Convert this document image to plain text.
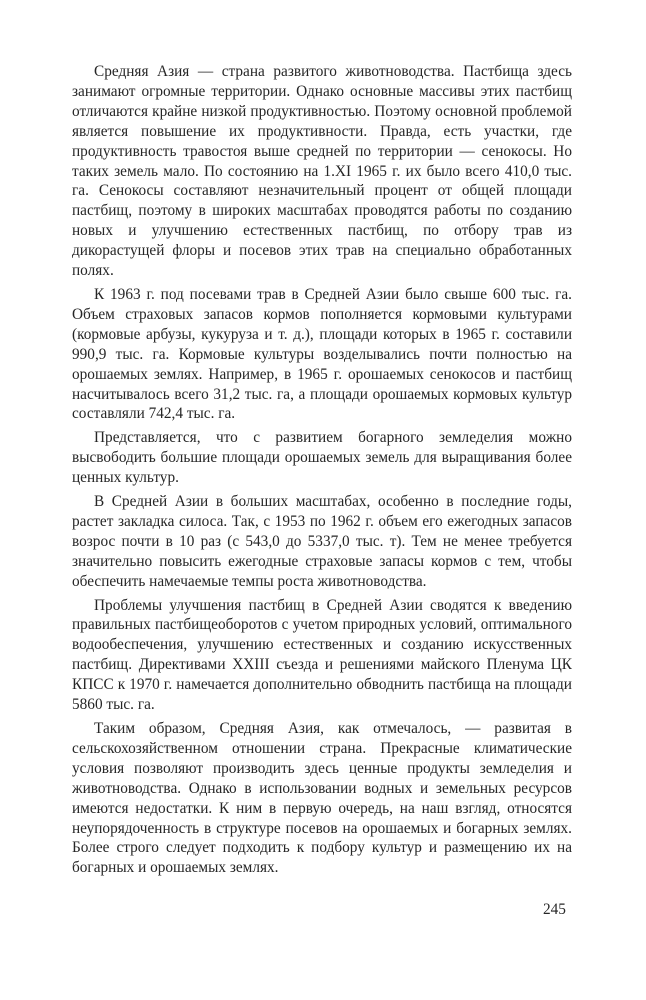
Средняя Азия — страна развитого животноводства. Пастбища здесь занимают огромные территории. Однако основные массивы этих пастбищ отличаются крайне низкой продуктивностью. Поэтому основной проблемой является повышение их продуктивности. Правда, есть участки, где продуктивность травостоя выше средней по территории — сенокосы. Но таких земель мало. По состоянию на 1.XI 1965 г. их было всего 410,0 тыс. га. Сенокосы составляют незначительный процент от общей площади пастбищ, поэтому в широких масштабах проводятся работы по созданию новых и улучшению естественных пастбищ, по отбору трав из дикорастущей флоры и посевов этих трав на специально обработанных полях.

К 1963 г. под посевами трав в Средней Азии было свыше 600 тыс. га. Объем страховых запасов кормов пополняется кормовыми культурами (кормовые арбузы, кукуруза и т. д.), площади которых в 1965 г. составили 990,9 тыс. га. Кормовые культуры возделывались почти полностью на орошаемых землях. Например, в 1965 г. орошаемых сенокосов и пастбищ насчитывалось всего 31,2 тыс. га, а площади орошаемых кормовых культур составляли 742,4 тыс. га.

Представляется, что с развитием богарного земледелия можно высвободить большие площади орошаемых земель для выращивания более ценных культур.

В Средней Азии в больших масштабах, особенно в последние годы, растет закладка силоса. Так, с 1953 по 1962 г. объем его ежегодных запасов возрос почти в 10 раз (с 543,0 до 5337,0 тыс. т). Тем не менее требуется значительно повысить ежегодные страховые запасы кормов с тем, чтобы обеспечить намечаемые темпы роста животноводства.

Проблемы улучшения пастбищ в Средней Азии сводятся к введению правильных пастбищеоборотов с учетом природных условий, оптимального водообеспечения, улучшению естественных и созданию искусственных пастбищ. Директивами XXIII съезда и решениями майского Пленума ЦК КПСС к 1970 г. намечается дополнительно обводнить пастбища на площади 5860 тыс. га.

Таким образом, Средняя Азия, как отмечалось, — развитая в сельскохозяйственном отношении страна. Прекрасные климатические условия позволяют производить здесь ценные продукты земледелия и животноводства. Однако в использовании водных и земельных ресурсов имеются недостатки. К ним в первую очередь, на наш взгляд, относятся неупорядоченность в структуре посевов на орошаемых и богарных землях. Более строго следует подходить к подбору культур и размещению их на богарных и орошаемых землях.

245
